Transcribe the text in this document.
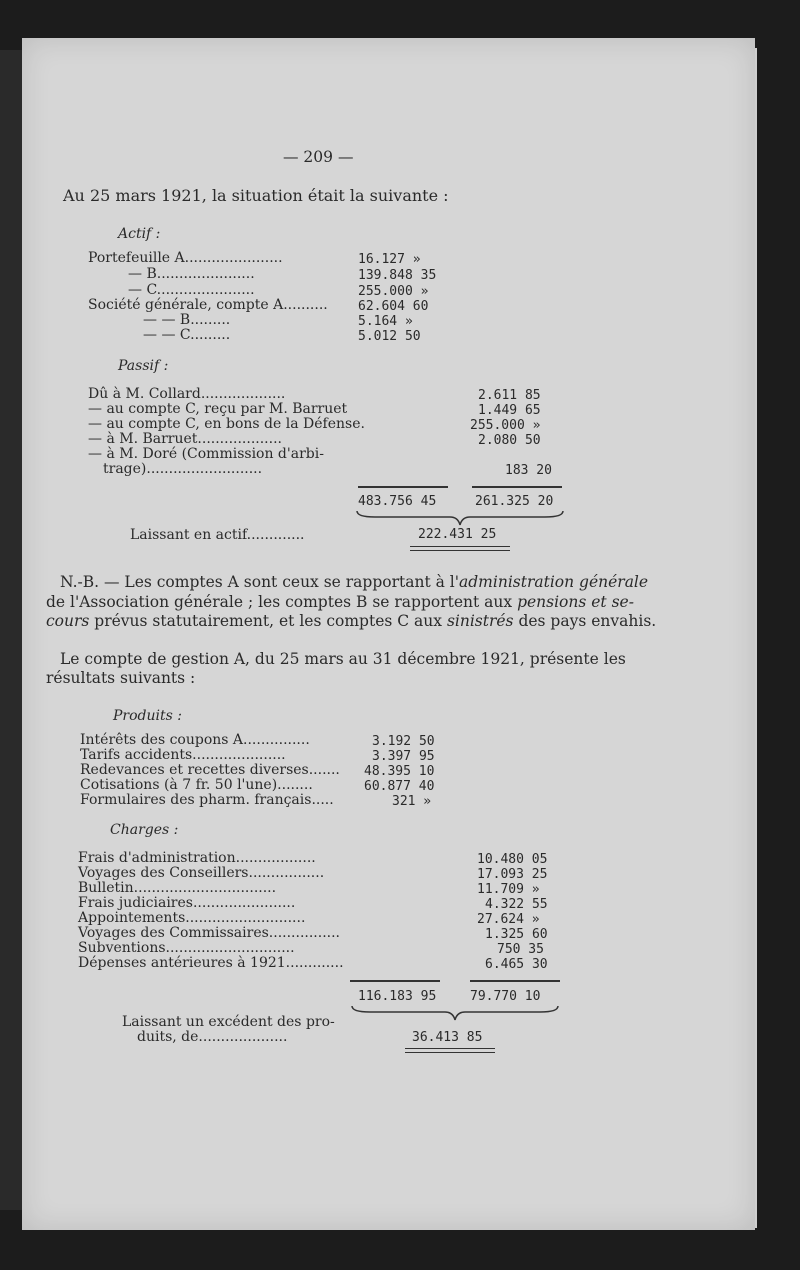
— 209 —
Au 25 mars 1921, la situation était la suivante :
Actif :
Portefeuille A......................	16.127 »
— B......................	139.848 35
— C......................	255.000 »
Société générale, compte A.......... 62.604 60
— — B.........	5.164 »
— — C.........	5.012 50
Passif :
Dû à M. Collard...................	2.611 85
— au compte C, reçu par M. Barruet	1.449 65
— au compte C, en bons de la Défense.	255.000 »
— à M. Barruet...................	2.080 50
— à M. Doré (Commission d'arbi-
trage)..........................	183 20
483.756 45	261.325 20
Laissant en actif.............	222.431 25
N.-B. — Les comptes A sont ceux se rapportant à l'administration générale
de l'Association générale ; les comptes B se rapportent aux pensions et se-
cours prévus statutairement, et les comptes C aux sinistrés des pays envahis.
Le compte de gestion A, du 25 mars au 31 décembre 1921, présente les
résultats suivants :
Produits :
Intérêts des coupons A...............	3.192 50
Tarifs accidents.....................	3.397 95
Redevances et recettes diverses....... 48.395 10
Cotisations (à 7 fr. 50 l'une)........	60.877 40
Formulaires des pharm. français.....	321 »
Charges :
Frais d'administration..................	10.480 05
Voyages des Conseillers.................	17.093 25
Bulletin................................	11.709 »
Frais judiciaires.......................	4.322 55
Appointements...........................	27.624 »
Voyages des Commissaires................	1.325 60
Subventions.............................	750 35
Dépenses antérieures à 1921.............	6.465 30
116.183 95	79.770 10
Laissant un excédent des pro-
duits, de....................	36.413 85
